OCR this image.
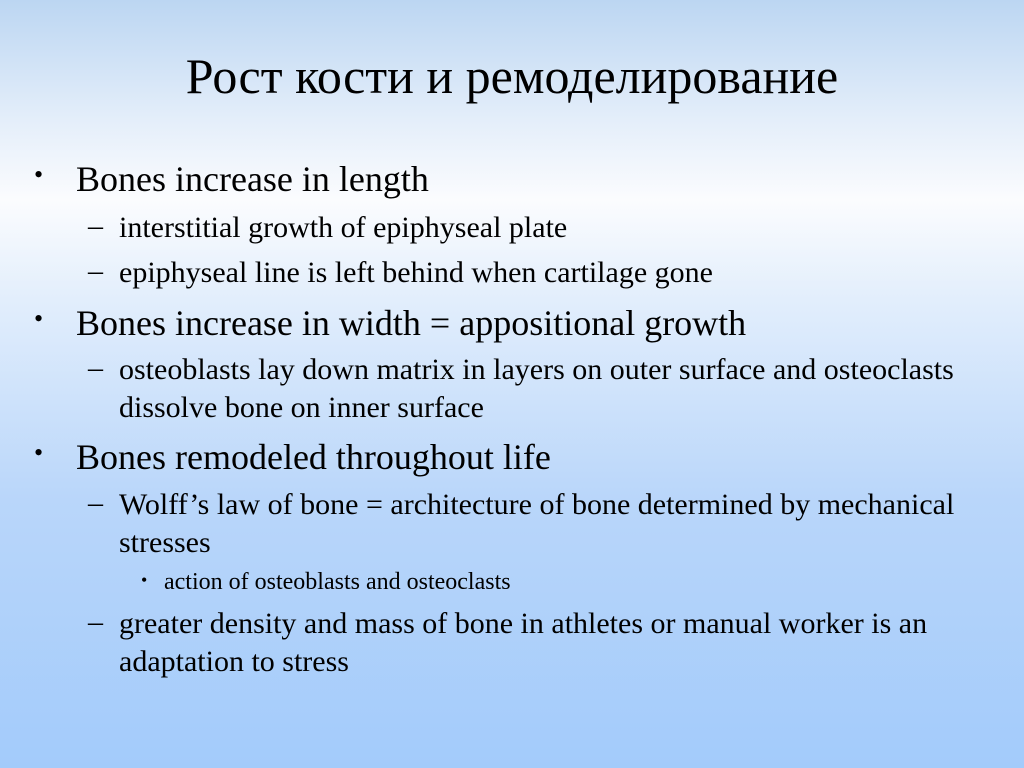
Рост кости и ремоделирование
• Bones increase in length
– interstitial growth of epiphyseal plate
– epiphyseal line is left behind when cartilage gone
• Bones increase in width = appositional growth
– osteoblasts lay down matrix in layers on outer surface and osteoclasts dissolve bone on inner surface
• Bones remodeled throughout life
– Wolff’s law of bone = architecture of bone determined by mechanical stresses
• action of osteoblasts and osteoclasts
– greater density and mass of bone in athletes or manual worker is an adaptation to stress
